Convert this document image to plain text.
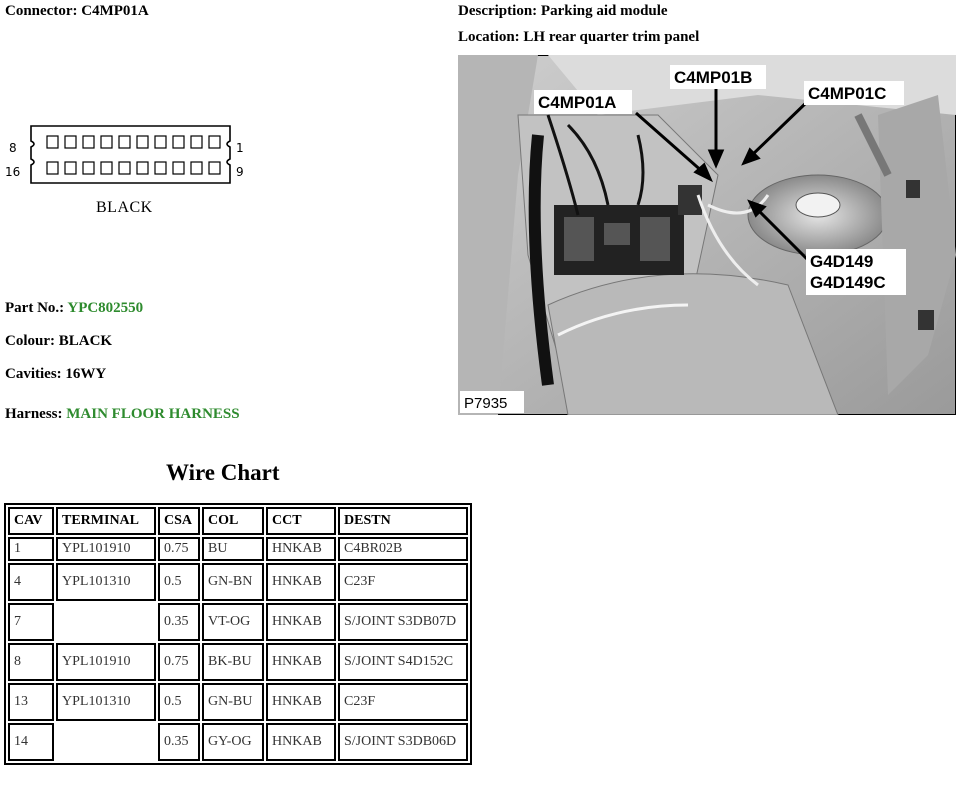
Connector: C4MP01A	Description: Parking aid module
Location: LH rear quarter trim panel
8	1
16	9
BLACK
Part No.: YPC802550
Colour: BLACK
Cavities: 16WY
Harness: MAIN FLOOR HARNESS
Wire Chart
CAV	TERMINAL	CSA	COL	CCT	DESTN
1	YPL101910	0.75	BU	HNKAB	C4BR02B
4	YPL101310	0.5	GN-BN	HNKAB	C23F
7		0.35	VT-OG	HNKAB	S/JOINT S3DB07D
8	YPL101910	0.75	BK-BU	HNKAB	S/JOINT S4D152C
13	YPL101310	0.5	GN-BU	HNKAB	C23F
14		0.35	GY-OG	HNKAB	S/JOINT S3DB06D
C4MP01B
C4MP01A	C4MP01C
G4D149
G4D149C
P7935
